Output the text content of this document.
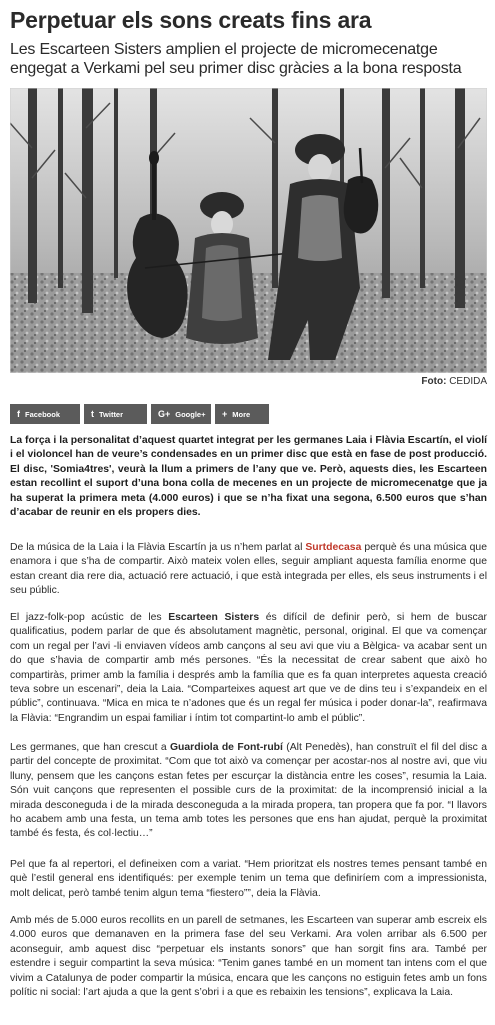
Perpetuar els sons creats fins ara
Les Escarteen Sisters amplien el projecte de micromecenatge engegat a Verkami pel seu primer disc gràcies a la bona resposta
Foto: CEDIDA
f Facebook	t Twitter	G+ Google+ + More

La força i la personalitat d’aquest quartet integrat per les germanes Laia i Flàvia Escartín, el violí i el violoncel han de veure’s condensades en un primer disc que està en fase de post producció. El disc, 'Somia4tres', veurà la llum a primers de l’any que ve. Però, aquests dies, les Escarteen estan recollint el suport d’una bona colla de mecenes en un projecte de micromecenatge que ja ha superat la primera meta (4.000 euros) i que se n’ha fixat una segona, 6.500 euros que s’han d’acabar de reunir en els propers dies.

De la música de la Laia i la Flàvia Escartín ja us n’hem parlat al Surtdecasa perquè és una música que enamora i que s’ha de compartir. Això mateix volen elles, seguir ampliant aquesta família enorme que estan creant dia rere dia, actuació rere actuació, i que està integrada per elles, els seus instruments i el seu públic.

El jazz-folk-pop acústic de les Escarteen Sisters és difícil de definir però, si hem de buscar qualificatius, podem parlar de que és absolutament magnètic, personal, original. El que va començar com un regal per l’avi -li envіaven vídeos amb cançons al seu avi que viu a Bèlgica- va acabar sent un do que s’havia de compartir amb més persones. “És la necessitat de crear sabent que això ho compartiràs, primer amb la família i després amb la família que es fa quan interpretes aquesta creació teva sobre un escenari”, deia la Laia. “Comparteixes aquest art que ve de dins teu i s’expandeix en el públic”, continuava. “Mica en mica te n’adones que és un regal fer música i poder donar-la”, reafirmava la Flàvia: “Engrandim un espai familiar i íntim tot compartint-lo amb el públic”.

Les germanes, que han crescut a Guardiola de Font-rubí (Alt Penedès), han construït el fil del disc a partir del concepte de proximitat. “Com que tot això va començar per acostar-nos al nostre avi, que viu lluny, pensem que les cançons estan fetes per escurçar la distància entre les coses”, resumia la Laia. Són vuit cançons que representen el possible curs de la proximitat: de la incomprensió inicial a la mirada desconeguda i de la mirada desconeguda a la mirada propera, tan propera que fa por. “I llavors ho acabem amb una festa, un tema amb totes les persones que ens han ajudat, perquè la proximitat també és festa, és col·lectiu…”

Pel que fa al repertori, el defineixen com a variat. “Hem prioritzat els nostres temes pensant també en què l’estil general ens identifiqués: per exemple tenim un tema que definiríem com a impressionista, molt delicat, però també tenim algun tema “fiestero””, deia la Flàvia.

Amb més de 5.000 euros recollits en un parell de setmanes, les Escarteen van superar amb escreix els 4.000 euros que demanaven en la primera fase del seu Verkami. Ara volen arribar als 6.500 per aconseguir, amb aquest disc “perpetuar els instants sonors” que han sorgit fins ara. També per estendre i seguir compartint la seva música: “Tenim ganes també en un moment tan intens com el que vivim a Catalunya de poder compartir la música, encara que les cançons no estiguin fetes amb un fons polític ni social: l’art ajuda a que la gent s’obri i a que es rebaixin les tensions”, explicava la Laia.
